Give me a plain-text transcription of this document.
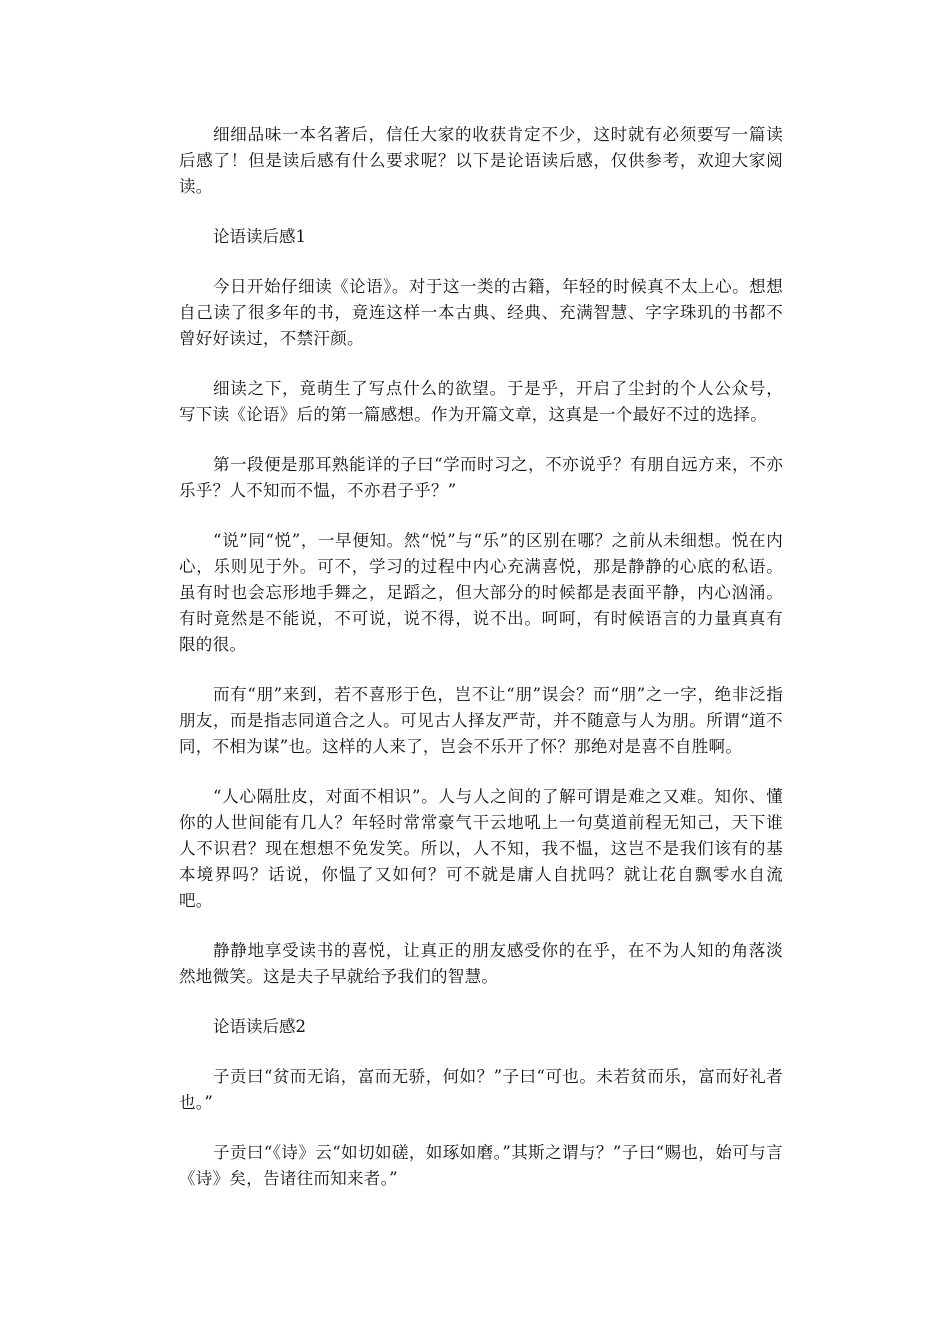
细细品味一本名著后，信任大家的收获肯定不少，这时就有必须要写一篇读后感了！但是读后感有什么要求呢？以下是论语读后感，仅供参考，欢迎大家阅读。

论语读后感1

今日开始仔细读《论语》。对于这一类的古籍，年轻的时候真不太上心。想想自己读了很多年的书，竟连这样一本古典、经典、充满智慧、字字珠玑的书都不曾好好读过，不禁汗颜。

细读之下，竟萌生了写点什么的欲望。于是乎，开启了尘封的个人公众号，写下读《论语》后的第一篇感想。作为开篇文章，这真是一个最好不过的选择。

第一段便是那耳熟能详的子曰“学而时习之，不亦说乎？有朋自远方来，不亦乐乎？人不知而不愠，不亦君子乎？”

“说”同“悦”，一早便知。然“悦”与“乐”的区别在哪？之前从未细想。悦在内心，乐则见于外。可不，学习的过程中内心充满喜悦，那是静静的心底的私语。虽有时也会忘形地手舞之，足蹈之，但大部分的时候都是表面平静，内心汹涌。有时竟然是不能说，不可说，说不得，说不出。呵呵，有时候语言的力量真真有限的很。

而有“朋”来到，若不喜形于色，岂不让“朋”误会？而“朋”之一字，绝非泛指朋友，而是指志同道合之人。可见古人择友严苛，并不随意与人为朋。所谓“道不同，不相为谋”也。这样的人来了，岂会不乐开了怀？那绝对是喜不自胜啊。

“人心隔肚皮，对面不相识”。人与人之间的了解可谓是难之又难。知你、懂你的人世间能有几人？年轻时常常豪气干云地吼上一句莫道前程无知己，天下谁人不识君？现在想想不免发笑。所以，人不知，我不愠，这岂不是我们该有的基本境界吗？话说，你愠了又如何？可不就是庸人自扰吗？就让花自飘零水自流吧。

静静地享受读书的喜悦，让真正的朋友感受你的在乎，在不为人知的角落淡然地微笑。这是夫子早就给予我们的智慧。

论语读后感2

子贡曰“贫而无谄，富而无骄，何如？”子曰“可也。未若贫而乐，富而好礼者也。”

子贡曰“《诗》云“如切如磋，如琢如磨。”其斯之谓与？”子曰“赐也，始可与言《诗》矣，告诸往而知来者。”
